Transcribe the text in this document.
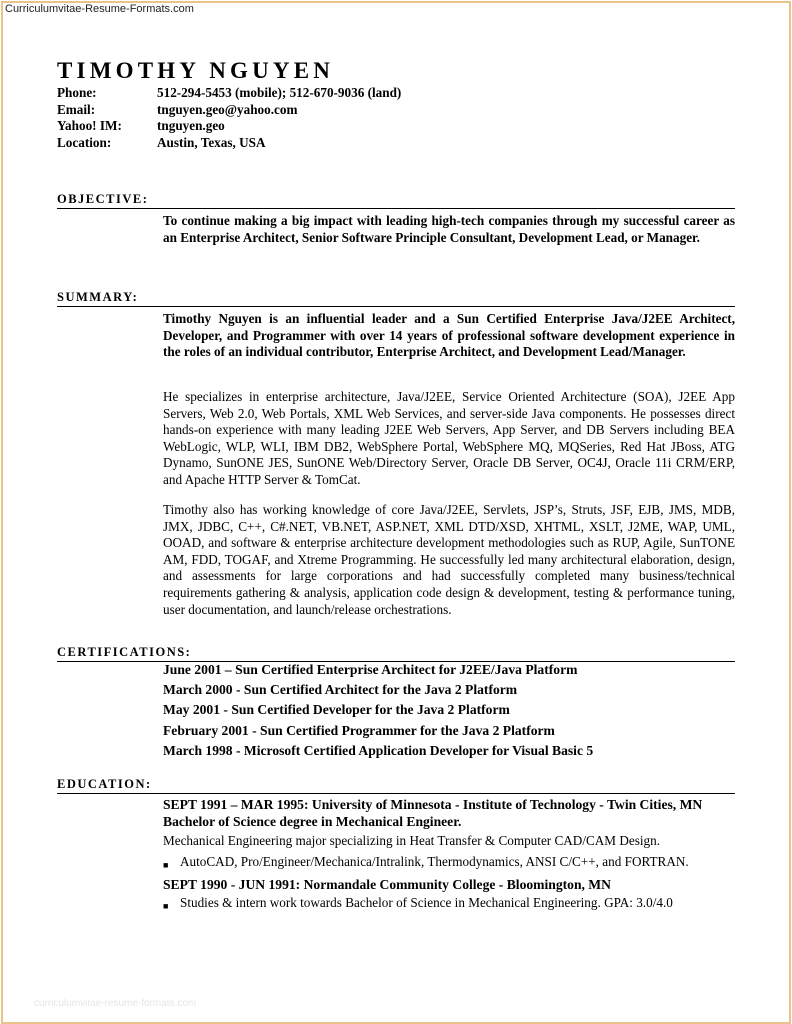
Curriculumvitae-Resume-Formats.com
TIMOTHY NGUYEN
Phone:	512-294-5453 (mobile); 512-670-9036 (land)
Email:	tnguyen.geo@yahoo.com
Yahoo! IM:	tnguyen.geo
Location:	Austin, Texas, USA
OBJECTIVE:
To continue making a big impact with leading high-tech companies through my successful career as an Enterprise Architect, Senior Software Principle Consultant, Development Lead, or Manager.
SUMMARY:
Timothy Nguyen is an influential leader and a Sun Certified Enterprise Java/J2EE Architect, Developer, and Programmer with over 14 years of professional software development experience in the roles of an individual contributor, Enterprise Architect, and Development Lead/Manager.
He specializes in enterprise architecture, Java/J2EE, Service Oriented Architecture (SOA), J2EE App Servers, Web 2.0, Web Portals, XML Web Services, and server-side Java components. He possesses direct hands-on experience with many leading J2EE Web Servers, App Server, and DB Servers including BEA WebLogic, WLP, WLI, IBM DB2, WebSphere Portal, WebSphere MQ, MQSeries, Red Hat JBoss, ATG Dynamo, SunONE JES, SunONE Web/Directory Server, Oracle DB Server, OC4J, Oracle 11i CRM/ERP, and Apache HTTP Server & TomCat.
Timothy also has working knowledge of core Java/J2EE, Servlets, JSP’s, Struts, JSF, EJB, JMS, MDB, JMX, JDBC, C++, C#.NET, VB.NET, ASP.NET, XML DTD/XSD, XHTML, XSLT, J2ME, WAP, UML, OOAD, and software & enterprise architecture development methodologies such as RUP, Agile, SunTONE AM, FDD, TOGAF, and Xtreme Programming. He successfully led many architectural elaboration, design, and assessments for large corporations and had successfully completed many business/technical requirements gathering & analysis, application code design & development, testing & performance tuning, user documentation, and launch/release orchestrations.
CERTIFICATIONS:
June 2001 – Sun Certified Enterprise Architect for J2EE/Java Platform
March 2000 - Sun Certified Architect for the Java 2 Platform
May 2001 - Sun Certified Developer for the Java 2 Platform
February 2001 - Sun Certified Programmer for the Java 2 Platform
March 1998 - Microsoft Certified Application Developer for Visual Basic 5
EDUCATION:
SEPT 1991 – MAR 1995: University of Minnesota - Institute of Technology - Twin Cities, MN
Bachelor of Science degree in Mechanical Engineer.
Mechanical Engineering major specializing in Heat Transfer & Computer CAD/CAM Design.
■ AutoCAD, Pro/Engineer/Mechanica/Intralink, Thermodynamics, ANSI C/C++, and FORTRAN.
SEPT 1990 - JUN 1991: Normandale Community College - Bloomington, MN
■ Studies & intern work towards Bachelor of Science in Mechanical Engineering. GPA: 3.0/4.0
curriculumvitae-resume-formats.com
